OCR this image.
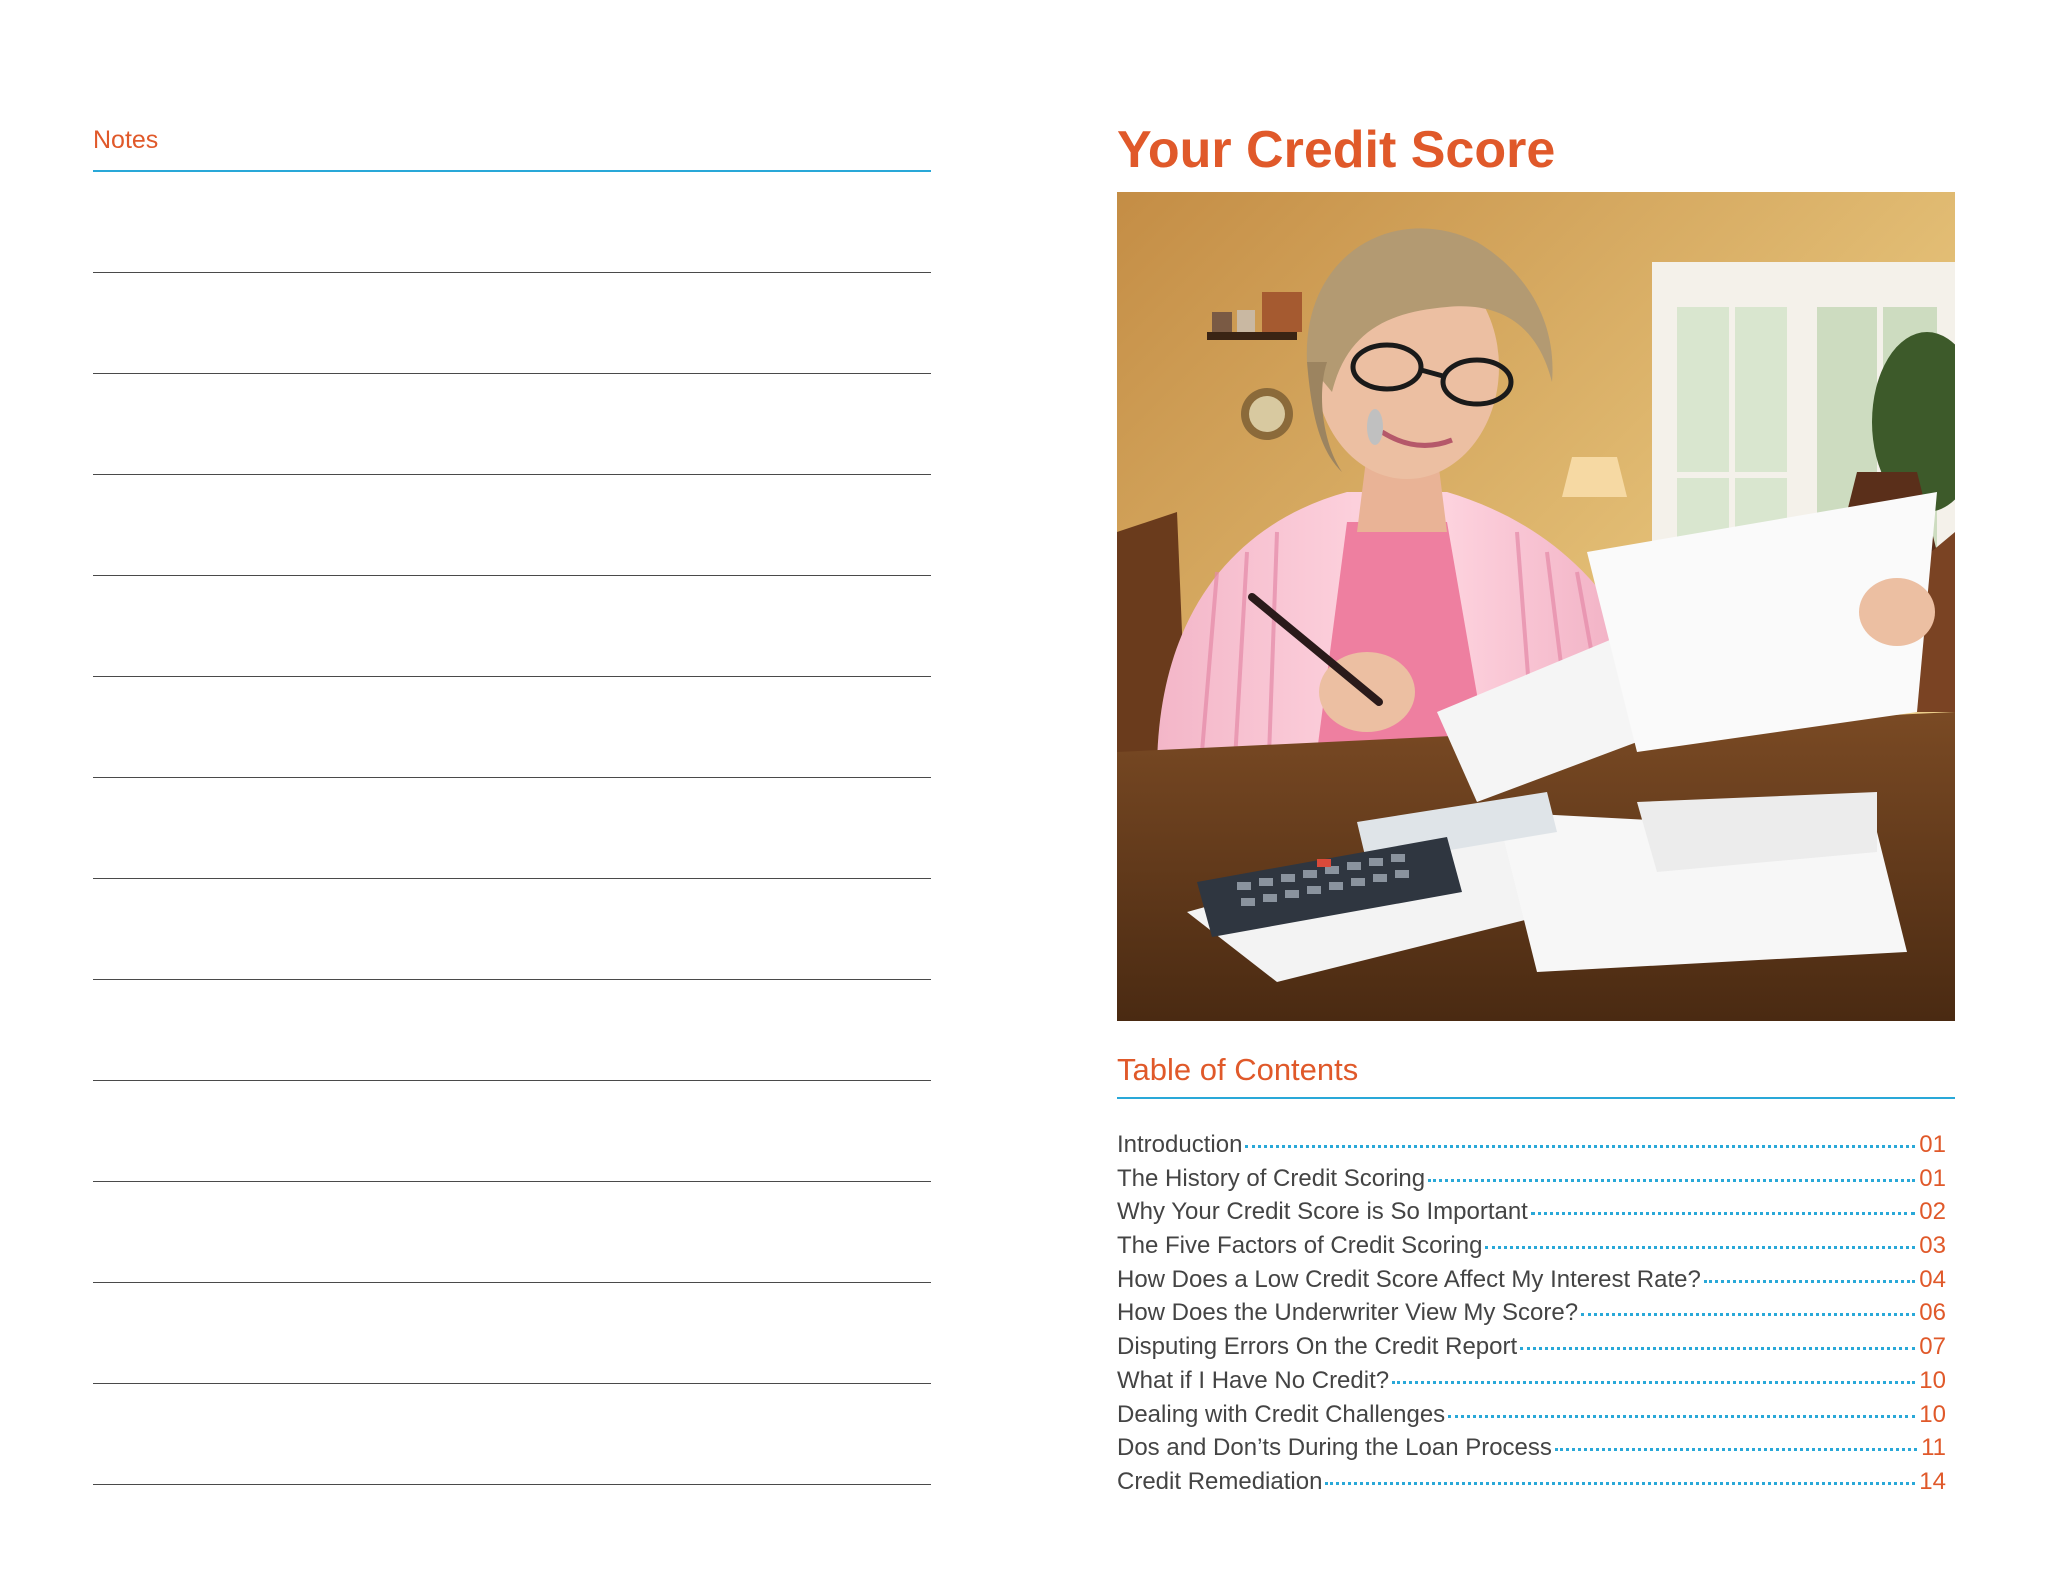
Notes	Your Credit Score
Table of Contents
Introduction	01
The History of Credit Scoring	01
Why Your Credit Score is So Important	02
The Five Factors of Credit Scoring	03
How Does a Low Credit Score Affect My Interest Rate?	04
How Does the Underwriter View My Score?	06
Disputing Errors On the Credit Report	07
What if I Have No Credit?	10
Dealing with Credit Challenges	10
Dos and Don’ts During the Loan Process	11
Credit Remediation	14
